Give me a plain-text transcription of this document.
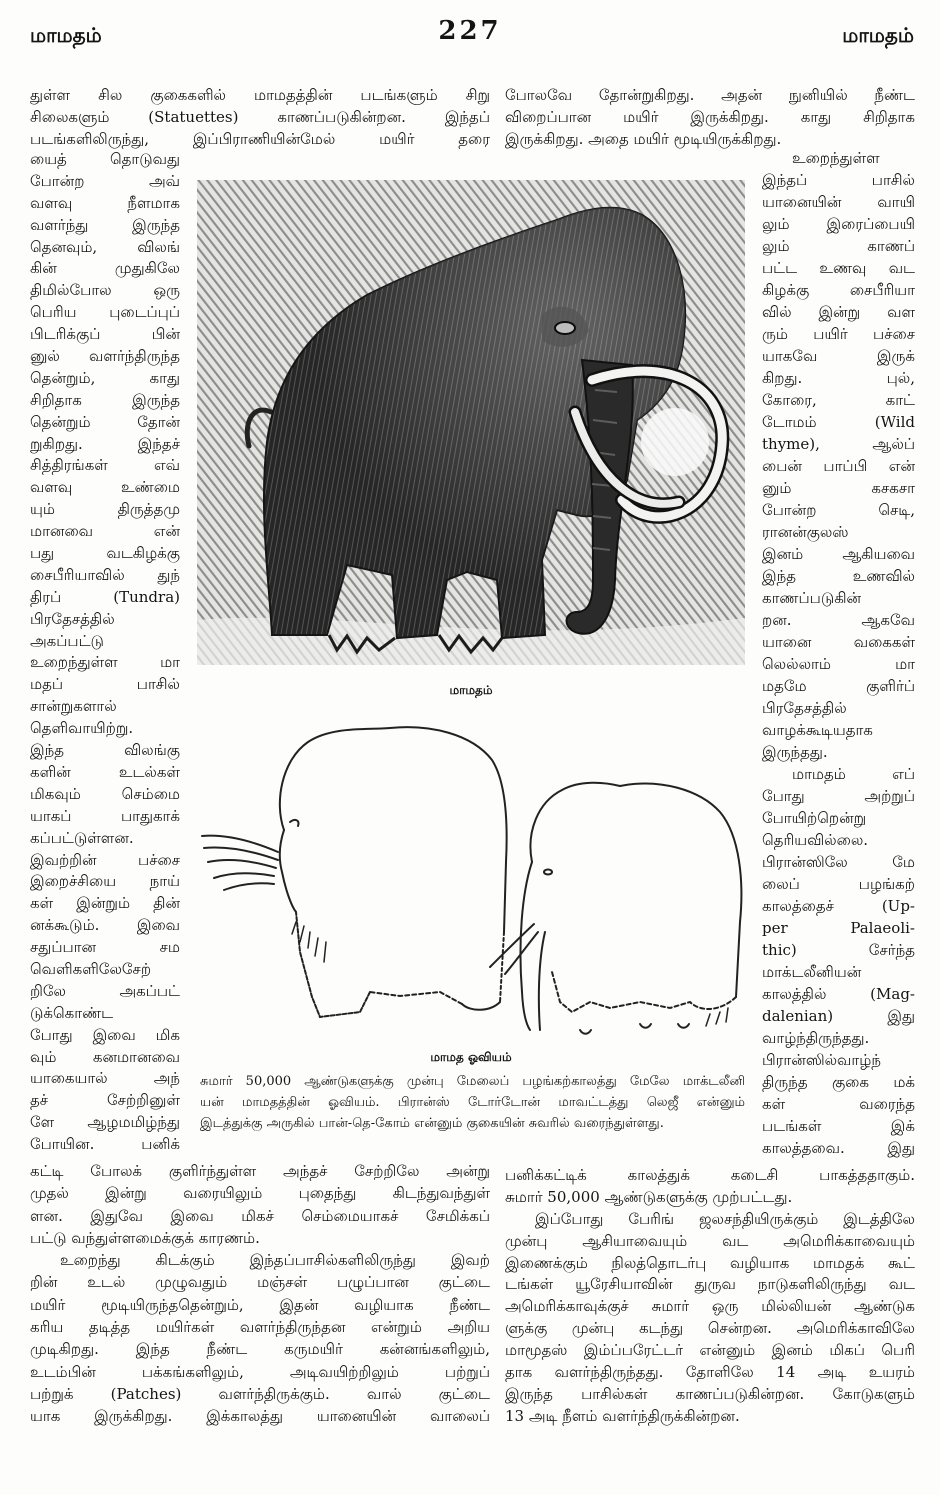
மாமதம்	227	மாமதம்
துள்ள சில குகைகளில் மாமதத்தின் படங்களும் சிறு
சிலைகளும் (Statuettes) காணப்படுகின்றன. இந்தப்
படங்களிலிருந்து, இப்பிராணியின்மேல் மயிர் தரை
போலவே தோன்றுகிறது. அதன் நுனியில் நீண்ட
விறைப்பான மயிர் இருக்கிறது. காது சிறிதாக
இருக்கிறது. அதை மயிர் மூடியிருக்கிறது.
யைத் தொடுவது
போன்ற அவ்
வளவு நீளமாக
வளர்ந்து இருந்த
தெனவும், விலங்
கின் முதுகிலே
திமில்போல ஒரு
பெரிய புடைப்புப்
பிடரிக்குப் பின்
னுல் வளர்ந்திருந்த
தென்றும், காது
சிறிதாக இருந்த
தென்றும் தோன்
றுகிறது. இந்தச்
சித்திரங்கள் எவ்
வளவு உண்மை
யும் திருத்தமு
மானவை என்
பது வடகிழக்கு
சைபீரியாவில் துந்
திரப் (Tundra)
பிரதேசத்தில்
அகப்பட்டு
உறைந்துள்ள மா
மதப் பாசில்
சான்றுகளால்
தெளிவாயிற்று.
இந்த விலங்கு
களின் உடல்கள்
மிகவும் செம்மை
யாகப் பாதுகாக்
கப்பட்டுள்ளன.
இவற்றின் பச்சை
இறைச்சியை நாய்
கள் இன்றும் தின்
னக்கூடும். இவை
சதுப்பான சம
வெளிகளிலேசேற்
றிலே அகப்பட்
டுக்கொண்ட
போது இவை மிக
வும் கனமானவை
யாகையால் அந்
தச் சேற்றினுள்
ளே ஆழமமிழ்ந்து
போயின. பனிக்
உறைந்துள்ள
இந்தப் பாசில்
யானையின் வாயி
லும் இரைப்பையி
லும் காணப்
பட்ட உணவு வட
கிழக்கு சைபீரியா
வில் இன்று வள
ரும் பயிர் பச்சை
யாகவே இருக்
கிறது. புல்,
கோரை, காட்
டோமம் (Wild
thyme), ஆல்ப்
பைன் பாப்பி என்
னும் கசகசா
போன்ற செடி,
ரானன்குலஸ்
இனம் ஆகியவை
இந்த உணவில்
காணப்படுகின்
றன. ஆகவே
யானை வகைகள்
லெல்லாம் மா
மதமே குளிர்ப்
பிரதேசத்தில்
வாழக்கூடியதாக
இருந்தது.
மாமதம் எப்
போது அற்றுப்
போயிற்றென்று
தெரியவில்லை.
பிரான்ஸிலே மே
லைப் பழங்கற்
காலத்தைச் (Up-
per Palaeoli-
thic) சேர்ந்த
மாக்டலீனியன்
காலத்தில் (Mag-
dalenian) இது
வாழ்ந்திருந்தது.
பிரான்ஸில்வாழ்ந்
திருந்த குகை மக்
கள் வரைந்த
படங்கள் இக்
காலத்தவை. இது
மாமதம்
மாமத ஓவியம்
சுமார் 50,000 ஆண்டுகளுக்கு முன்பு மேலைப் பழங்கற்காலத்து மேலே மாக்டலீனி
யன் மாமதத்தின் ஓவியம். பிரான்ஸ் டோர்டோன் மாவட்டத்து லெஜீ என்னும்
இடத்துக்கு அருகில் பான்-தெ-கோம் என்னும் குகையின் சுவரில் வரைந்துள்ளது.
கட்டி போலக் குளிர்ந்துள்ள அந்தச் சேற்றிலே அன்று
முதல் இன்று வரையிலும் புதைந்து கிடந்துவந்துள்
ளன. இதுவே இவை மிகச் செம்மையாகச் சேமிக்கப்
பட்டு வந்துள்ளமைக்குக் காரணம்.
உறைந்து கிடக்கும் இந்தப்பாசில்களிலிருந்து இவற்
றின் உடல் முழுவதும் மஞ்சள் பழுப்பான குட்டை
மயிர் மூடியிருந்ததென்றும், இதன் வழியாக நீண்ட
கரிய தடித்த மயிர்கள் வளர்ந்திருந்தன என்றும் அறிய
முடிகிறது. இந்த நீண்ட கருமயிர் கன்னங்களிலும்,
உடம்பின் பக்கங்களிலும், அடிவயிற்றிலும் பற்றுப்
பற்றுக் (Patches) வளர்ந்திருக்கும். வால் குட்டை
யாக இருக்கிறது. இக்காலத்து யானையின் வாலைப்
பனிக்கட்டிக் காலத்துக் கடைசி பாகத்ததாகும்.
சுமார் 50,000 ஆண்டுகளுக்கு முற்பட்டது.
இப்போது பேரிங் ஜலசந்தியிருக்கும் இடத்திலே
முன்பு ஆசியாவையும் வட அமெரிக்காவையும்
இணைக்கும் நிலத்தொடர்பு வழியாக மாமதக் கூட்
டங்கள் யூரேசியாவின் துருவ நாடுகளிலிருந்து வட
அமெரிக்காவுக்குச் சுமார் ஒரு மில்லியன் ஆண்டுக
ளுக்கு முன்பு கடந்து சென்றன. அமெரிக்காவிலே
மாமூதஸ் இம்ப்பரேட்டர் என்னும் இனம் மிகப் பெரி
தாக வளர்ந்திருந்தது. தோளிலே 14 அடி உயரம்
இருந்த பாசில்கள் காணப்படுகின்றன. கோடுகளும்
13 அடி நீளம் வளர்ந்திருக்கின்றன.
